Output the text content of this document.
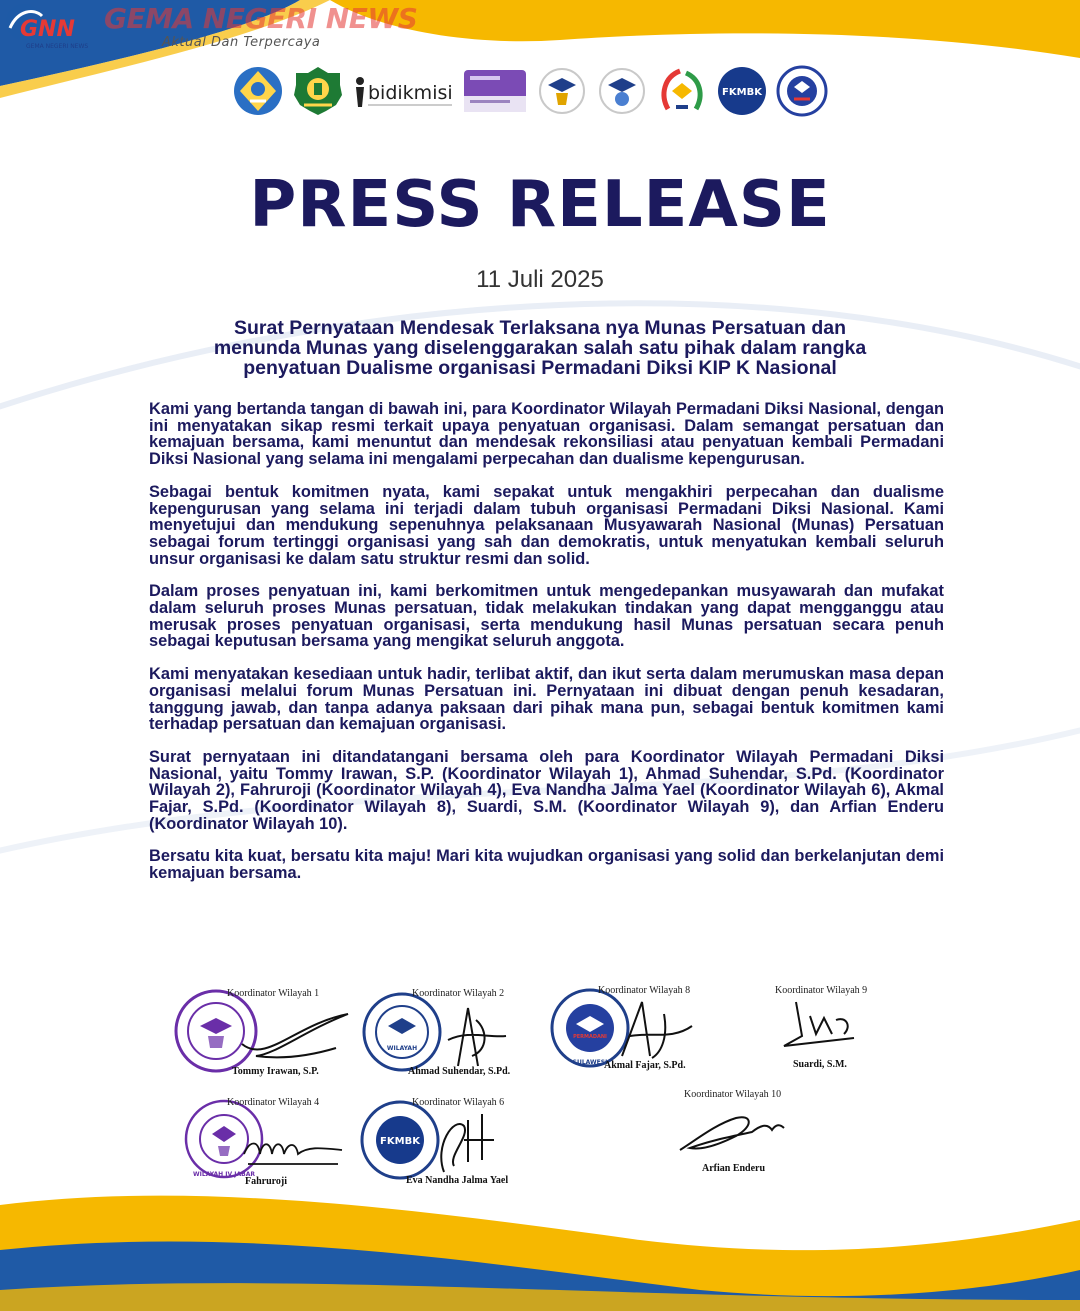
GNN
GEMA NEGERI NEWS
GEMA NEGERI NEWS
Aktual Dan Terpercaya
bidikmisi	FKMBK
PRESS RELEASE
11 Juli 2025
Surat Pernyataan Mendesak Terlaksana nya Munas Persatuan dan
menunda Munas yang diselenggarakan salah satu pihak dalam rangka
penyatuan Dualisme organisasi Permadani Diksi KIP K Nasional

Kami yang bertanda tangan di bawah ini, para Koordinator Wilayah Permadani Diksi Nasional, dengan ini menyatakan sikap resmi terkait upaya penyatuan organisasi. Dalam semangat persatuan dan kemajuan bersama, kami menuntut dan mendesak rekonsiliasi atau penyatuan kembali Permadani Diksi Nasional yang selama ini mengalami perpecahan dan dualisme kepengurusan.

Sebagai bentuk komitmen nyata, kami sepakat untuk mengakhiri perpecahan dan dualisme kepengurusan yang selama ini terjadi dalam tubuh organisasi Permadani Diksi Nasional. Kami menyetujui dan mendukung sepenuhnya pelaksanaan Musyawarah Nasional (Munas) Persatuan sebagai forum tertinggi organisasi yang sah dan demokratis, untuk menyatukan kembali seluruh unsur organisasi ke dalam satu struktur resmi dan solid.

Dalam proses penyatuan ini, kami berkomitmen untuk mengedepankan musyawarah dan mufakat dalam seluruh proses Munas persatuan, tidak melakukan tindakan yang dapat mengganggu atau merusak proses penyatuan organisasi, serta mendukung hasil Munas persatuan secara penuh sebagai keputusan bersama yang mengikat seluruh anggota.

Kami menyatakan kesediaan untuk hadir, terlibat aktif, dan ikut serta dalam merumuskan masa depan organisasi melalui forum Munas Persatuan ini. Pernyataan ini dibuat dengan penuh kesadaran, tanggung jawab, dan tanpa adanya paksaan dari pihak mana pun, sebagai bentuk komitmen kami terhadap persatuan dan kemajuan organisasi.

Surat pernyataan ini ditandatangani bersama oleh para Koordinator Wilayah Permadani Diksi Nasional, yaitu Tommy Irawan, S.P. (Koordinator Wilayah 1), Ahmad Suhendar, S.Pd. (Koordinator Wilayah 2), Fahruroji (Koordinator Wilayah 4), Eva Nandha Jalma Yael (Koordinator Wilayah 6), Akmal Fajar, S.Pd. (Koordinator Wilayah 8), Suardi, S.M. (Koordinator Wilayah 9), dan Arfian Enderu (Koordinator Wilayah 10).

Bersatu kita kuat, bersatu kita maju! Mari kita wujudkan organisasi yang solid dan berkelanjutan demi kemajuan bersama.

Koordinator Wilayah 1
Tommy Irawan, S.P.
WILAYAH
Koordinator Wilayah 2
Ahmad Suhendar, S.Pd.
PERMADANI
SULAWESI
Koordinator Wilayah 8
Akmal Fajar, S.Pd.
Koordinator Wilayah 9
Suardi, S.M.
WILAYAH IV JABAR
Koordinator Wilayah 4
Fahruroji
FKMBK
Koordinator Wilayah 6
Eva Nandha Jalma Yael
Koordinator Wilayah 10
Arfian Enderu
